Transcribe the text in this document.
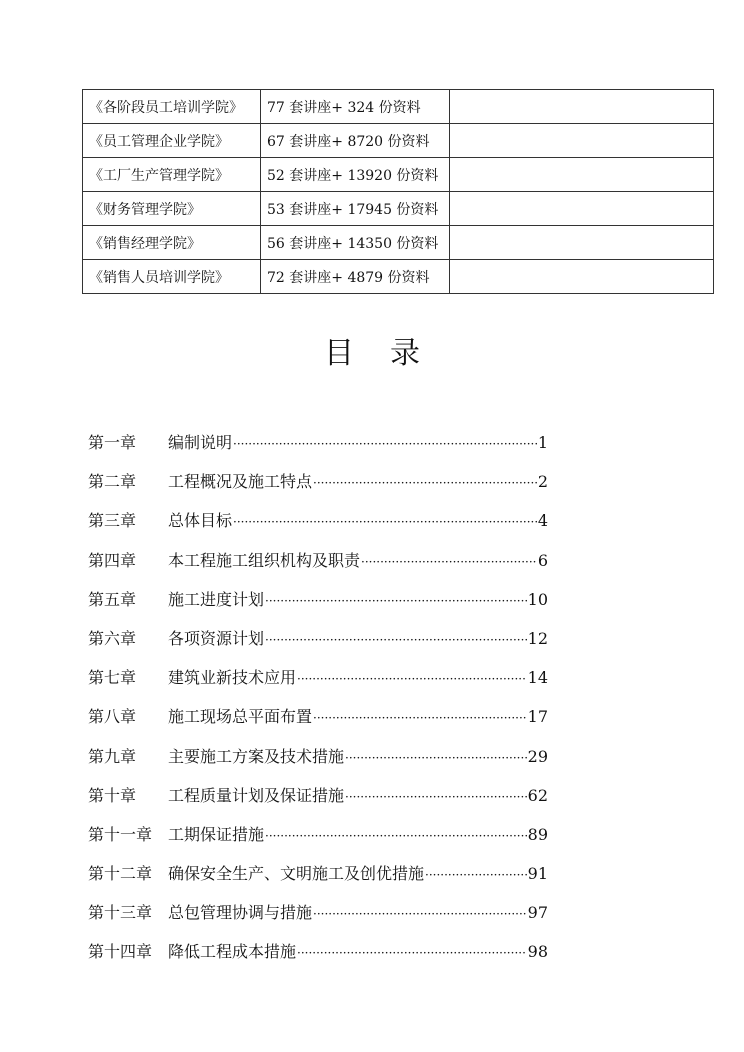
《各阶段员工培训学院》	77 套讲座+ 324 份资料	
《员工管理企业学院》	67 套讲座+ 8720 份资料	
《工厂生产管理学院》	52 套讲座+ 13920 份资料	
《财务管理学院》	53 套讲座+ 17945 份资料	
《销售经理学院》	56 套讲座+ 14350 份资料	
《销售人员培训学院》	72 套讲座+ 4879 份资料	
目录
第一章	编制说明 ·····	1
第二章	工程概况及施工特点 ·····	2
第三章	总体目标 ·····	4
第四章	本工程施工组织机构及职责 ·····	6
第五章	施工进度计划 ·····	10
第六章	各项资源计划 ·····	12
第七章	建筑业新技术应用 ·····	14
第八章	施工现场总平面布置 ·····	17
第九章	主要施工方案及技术措施 ·····	29
第十章	工程质量计划及保证措施 ·····	62
第十一章 工期保证措施 ·····	89
第十二章 确保安全生产、文明施工及创优措施 ·····	91
第十三章 总包管理协调与措施 ·····	97
第十四章 降低工程成本措施 ·····	98
